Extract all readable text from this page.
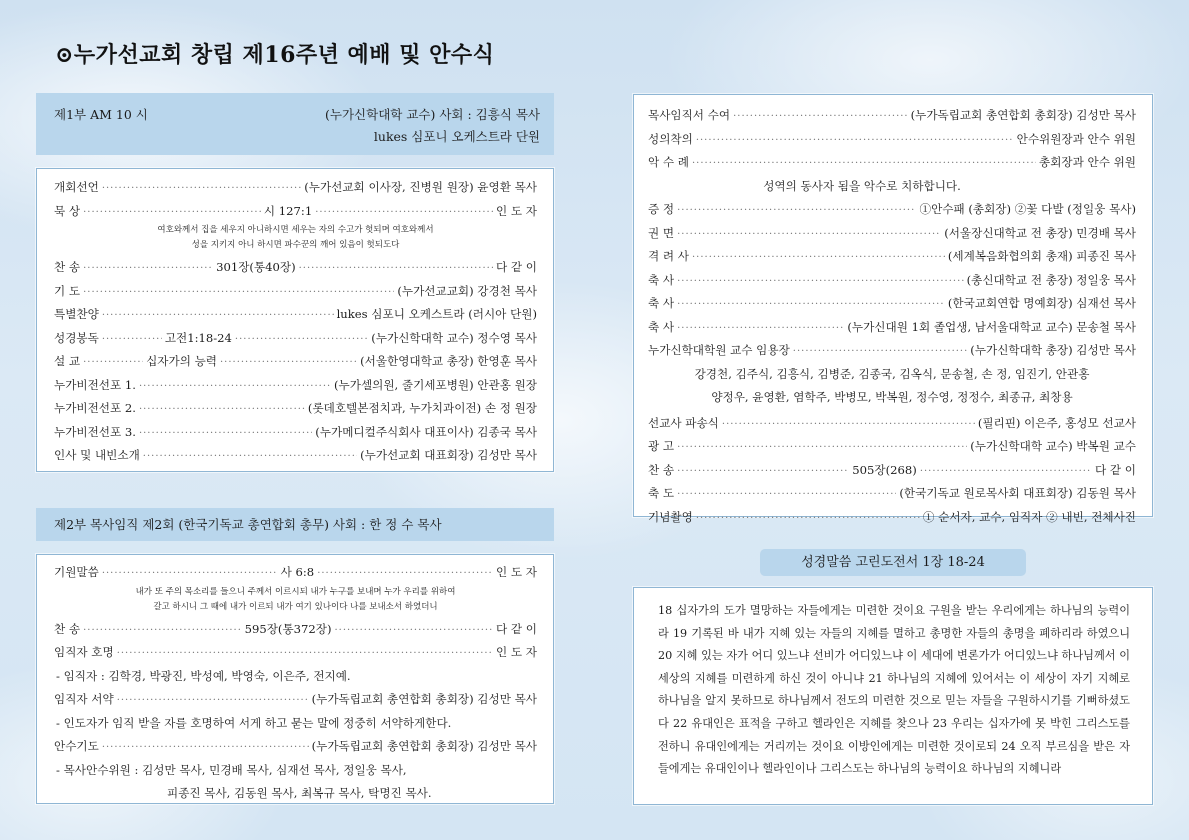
⊙누가선교회 창립 제16주년 예배 및 안수식
제1부 AM 10 시	(누가신학대학 교수) 사회 : 김흥식 목사
lukes 심포니 오케스트라 단원
개회선언 ·····	(누가선교회 이사장, 진병원 원장) 윤영환 목사
묵 상 ·····	시 127:1 ·····	인 도 자
여호와께서 집을 세우지 아니하시면 세우는 자의 수고가 헛되며 여호와께서
성을 지키지 아니 하시면 파수꾼의 깨어 있음이 헛되도다
찬 송 ·····	301장(통40장) ·····	다 같 이
기 도 ·····	(누가선교교회) 강경천 목사
특별찬양 ·····	lukes 심포니 오케스트라 (러시아 단원)
성경봉독 ·····	고전1:18-24 ·····	(누가신학대학 교수) 정수영 목사
설 교 ·····	십자가의 능력 ·····	(서울한영대학교 총장) 한영훈 목사
누가비전선포 1. ·····	(누가셀의원, 줄기세포병원) 안관홍 원장
누가비전선포 2. ·····	(롯데호텔본점치과, 누가치과이전) 손 정 원장
누가비전선포 3. ·····	(누가메디컬주식회사 대표이사) 김종국 목사
인사 및 내빈소개 ·····	(누가선교회 대표회장) 김성만 목사
제2부 목사임직 제2회 (한국기독교 총연합회 총무) 사회 : 한 정 수 목사
기원말씀 ·····	사 6:8 ·····	인 도 자
내가 또 주의 목소리를 들으니 주께서 이르시되 내가 누구를 보내며 누가 우리를 위하여
갈고 하시니 그 때에 내가 이르되 내가 여기 있나이다 나를 보내소서 하였더니
찬 송 ·····	595장(통372장) ·····	다 같 이
임직자 호명 ·····	인 도 자
- 임직자 : 김학경, 박광진, 박성예, 박영숙, 이은주, 전지예.
임직자 서약 ·····	(누가독립교회 총연합회 총회장) 김성만 목사
- 인도자가 임직 받을 자를 호명하여 서게 하고 묻는 말에 정중히 서약하게한다.
안수기도 ·····	(누가독립교회 총연합회 총회장) 김성만 목사
- 목사안수위원 : 김성만 목사, 민경배 목사, 심재선 목사, 정일웅 목사,
피종진 목사, 김동원 목사, 최복규 목사, 탁명진 목사.
목사임직서 수여 ·····	(누가독립교회 총연합회 총회장) 김성만 목사
성의착의 ·····	안수위원장과 안수 위원
악 수 례 ·····	총회장과 안수 위원
성역의 동사자 됨을 악수로 치하합니다.
증 정 ·····	①안수패 (총회장) ②꽃 다발 (정일웅 목사)
권 면 ·····	(서울장신대학교 전 총장) 민경배 목사
격 려 사 ·····	(세계복음화협의회 총재) 피종진 목사
축 사 ·····	(총신대학교 전 총장) 정일웅 목사
축 사 ·····	(한국교회연합 명예회장) 심재선 목사
축 사 ·····	(누가신대원 1회 졸업생, 남서울대학교 교수) 문송철 목사
누가신학대학원 교수 임용장 ·····	(누가신학대학 총장) 김성만 목사
강경천, 김주식, 김흥식, 김병준, 김종국, 김옥식, 문송철, 손 정, 임진기, 안관홍
양정우, 윤영환, 염학주, 박병모, 박복원, 정수영, 정정수, 최종규, 최창용
선교사 파송식 ·····	(필리핀) 이은주, 홍성모 선교사
광 고 ·····	(누가신학대학 교수) 박복원 교수
찬 송 ·····	505장(268) ·····	다 같 이
축 도 ·····	(한국기독교 원로목사회 대표회장) 김동원 목사
기념촬영 ·····	① 순서자, 교수, 임직자 ② 내빈, 전체사진
성경말씀 고린도전서 1장 18-24
18 십자가의 도가 멸망하는 자들에게는 미련한 것이요 구원을 받는 우리에게는 하나님의 능력이라 19 기록된 바 내가 지혜 있는 자들의 지혜를 멸하고 총명한 자들의 총명을 폐하리라 하였으니 20 지혜 있는 자가 어디 있느냐 선비가 어디있느냐 이 세대에 변론가가 어디있느냐 하나님께서 이 세상의 지혜를 미련하게 하신 것이 아니냐 21 하나님의 지혜에 있어서는 이 세상이 자기 지혜로 하나님을 알지 못하므로 하나님께서 전도의 미련한 것으로 믿는 자들을 구원하시기를 기뻐하셨도다 22 유대인은 표적을 구하고 헬라인은 지혜를 찾으나 23 우리는 십자가에 못 박힌 그리스도를 전하니 유대인에게는 거리끼는 것이요 이방인에게는 미련한 것이로되 24 오직 부르심을 받은 자들에게는 유대인이나 헬라인이나 그리스도는 하나님의 능력이요 하나님의 지혜니라
